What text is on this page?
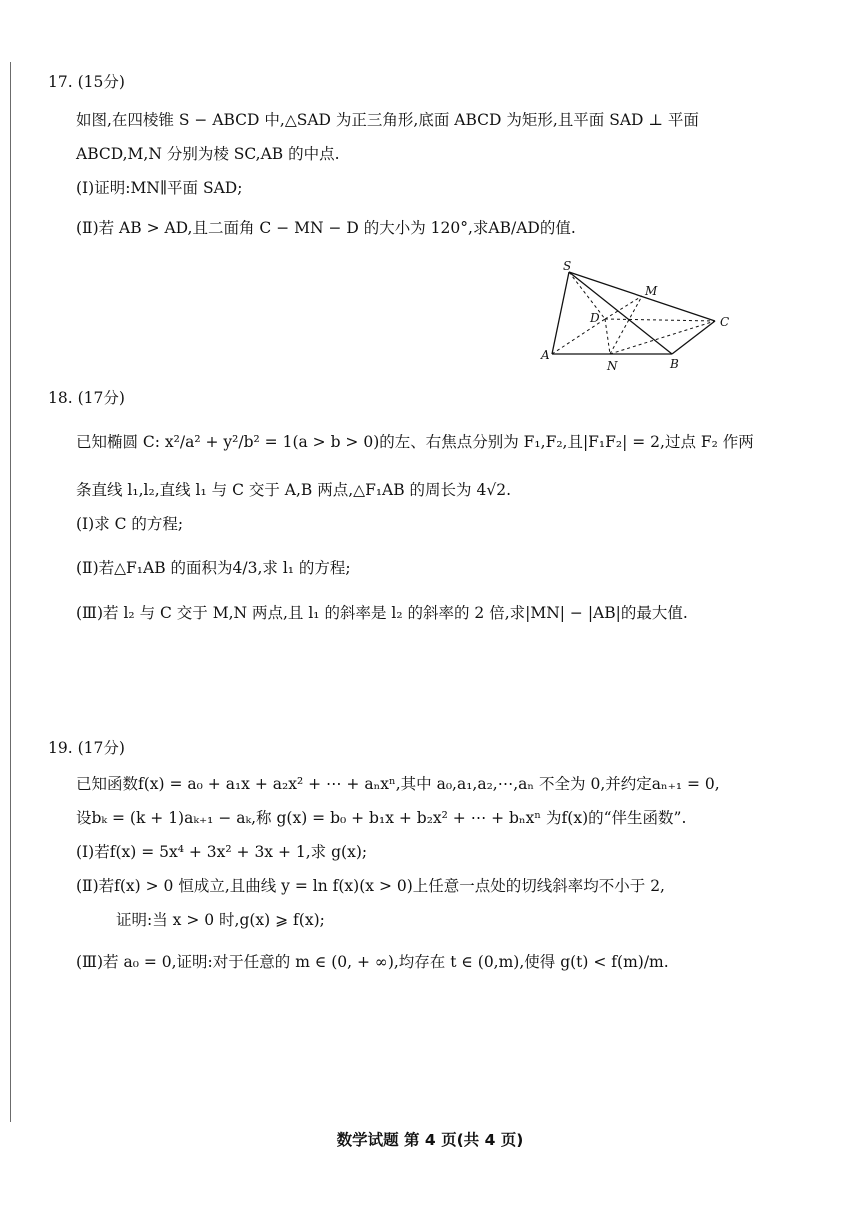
17. (15分)
如图,在四棱锥 S − ABCD 中,△SAD 为正三角形,底面 ABCD 为矩形,且平面 SAD ⊥ 平面
ABCD,M,N 分别为棱 SC,AB 的中点.
(Ⅰ)证明:MN∥平面 SAD;
(Ⅱ)若 AB > AD,且二面角 C − MN − D 的大小为 120°,求AB/AD的值.
S
M
D	C
A
N	B
18. (17分)
已知椭圆 C: x²/a² + y²/b² = 1(a > b > 0)的左、右焦点分别为 F₁,F₂,且|F₁F₂| = 2,过点 F₂ 作两
条直线 l₁,l₂,直线 l₁ 与 C 交于 A,B 两点,△F₁AB 的周长为 4√2.
(Ⅰ)求 C 的方程;
(Ⅱ)若△F₁AB 的面积为4/3,求 l₁ 的方程;
(Ⅲ)若 l₂ 与 C 交于 M,N 两点,且 l₁ 的斜率是 l₂ 的斜率的 2 倍,求|MN| − |AB|的最大值.
19. (17分)
已知函数f(x) = a₀ + a₁x + a₂x² + ⋯ + aₙxⁿ,其中 a₀,a₁,a₂,⋯,aₙ 不全为 0,并约定aₙ₊₁ = 0,
设bₖ = (k + 1)aₖ₊₁ − aₖ,称 g(x) = b₀ + b₁x + b₂x² + ⋯ + bₙxⁿ 为f(x)的“伴生函数”.
(Ⅰ)若f(x) = 5x⁴ + 3x² + 3x + 1,求 g(x);
(Ⅱ)若f(x) > 0 恒成立,且曲线 y = ln f(x)(x > 0)上任意一点处的切线斜率均不小于 2,
证明:当 x > 0 时,g(x) ⩾ f(x);
(Ⅲ)若 a₀ = 0,证明:对于任意的 m ∈ (0, + ∞),均存在 t ∈ (0,m),使得 g(t) < f(m)/m.
数学试题 第 4 页(共 4 页)
